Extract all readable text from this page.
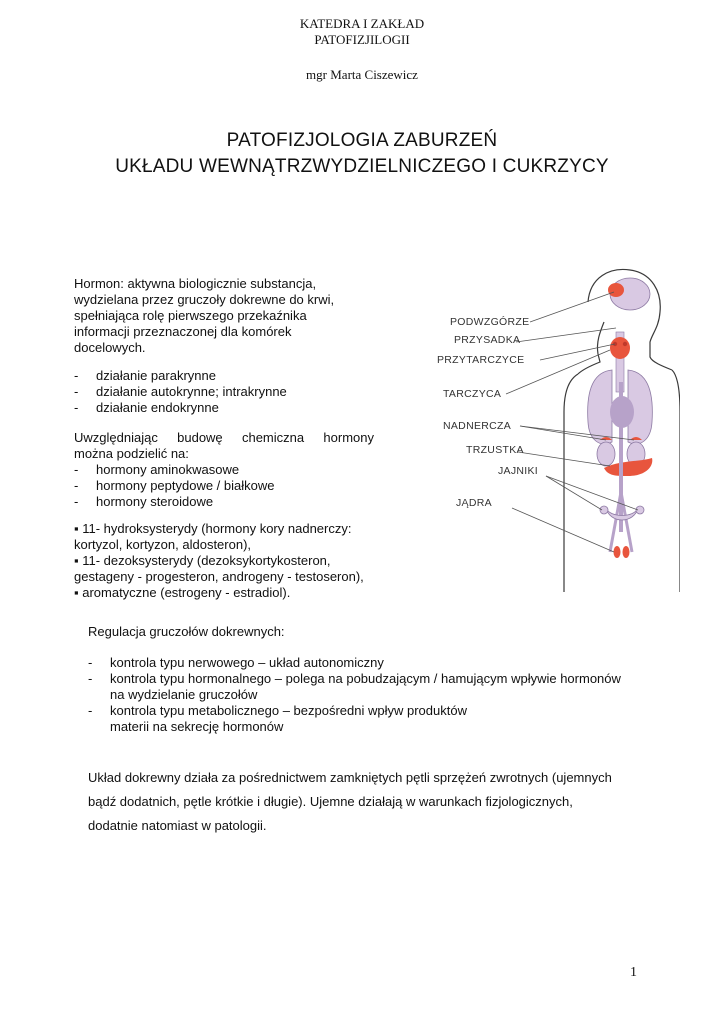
KATEDRA I ZAKŁAD
PATOFIZJILOGII
mgr Marta Ciszewicz
PATOFIZJOLOGIA ZABURZEŃ
UKŁADU WEWNĄTRZWYDZIELNICZEGO I CUKRZYCY
Hormon: aktywna biologicznie substancja,
wydzielana przez gruczoły dokrewne do krwi,
spełniająca rolę pierwszego przekaźnika
informacji przeznaczonej dla komórek
docelowych.
-	działanie parakrynne
-	działanie autokrynne; intrakrynne
-	działanie endokrynne
Uwzględniając budowę chemiczna hormony
można podzielić na:
-	hormony aminokwasowe
-	hormony peptydowe / białkowe
-	hormony steroidowe
▪ 11- hydroksysterydy (hormony kory nadnerczy:
kortyzol, kortyzon, aldosteron),
▪ 11- dezoksysterydy (dezoksykortykosteron,
gestageny - progesteron, androgeny - testoseron),
▪ aromatyczne (estrogeny - estradiol).
PODWZGÓRZE
PRZYSADKA
PRZYTARCZYCE
TARCZYCA
NADNERCZA
TRZUSTKA
JAJNIKI
JĄDRA
Regulacja gruczołów dokrewnych:
-	kontrola typu nerwowego – układ autonomiczny
-	kontrola typu hormonalnego – polega na pobudzającym / hamującym wpływie hormonów
na wydzielanie gruczołów
-	kontrola typu metabolicznego – bezpośredni wpływ produktów
materii na sekrecję hormonów
Układ dokrewny działa za pośrednictwem zamkniętych pętli sprzężeń zwrotnych (ujemnych
bądź dodatnich, pętle krótkie i długie). Ujemne działają w warunkach fizjologicznych,
dodatnie natomiast w patologii.
1
